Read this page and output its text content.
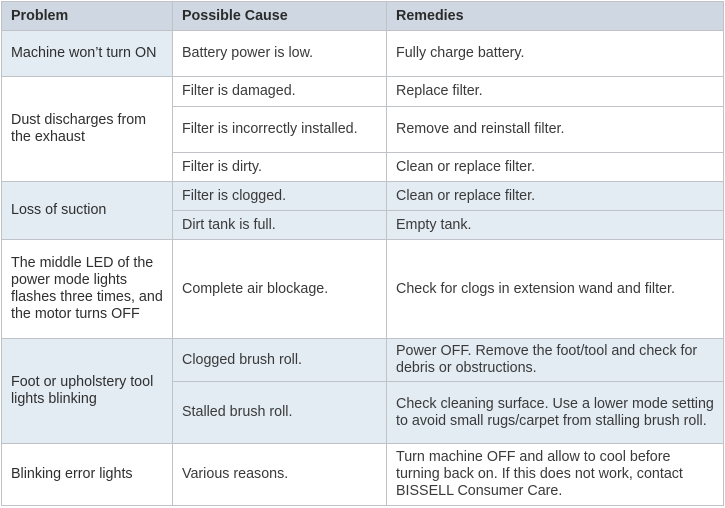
Problem	Possible Cause	Remedies
Machine won’t turn ON	Battery power is low.	Fully charge battery.
Dust discharges from the exhaust	Filter is damaged.	Replace filter.
	Filter is incorrectly installed.	Remove and reinstall filter.
	Filter is dirty.	Clean or replace filter.
Loss of suction	Filter is clogged.	Clean or replace filter.
	Dirt tank is full.	Empty tank.
The middle LED of the power mode lights flashes three times, and the motor turns OFF	Complete air blockage.	Check for clogs in extension wand and filter.
Foot or upholstery tool lights blinking	Clogged brush roll.	Power OFF. Remove the foot/tool and check for debris or obstructions.
	Stalled brush roll.	Check cleaning surface. Use a lower mode setting to avoid small rugs/carpet from stalling brush roll.
Blinking error lights	Various reasons.	Turn machine OFF and allow to cool before turning back on. If this does not work, contact BISSELL Consumer Care.
